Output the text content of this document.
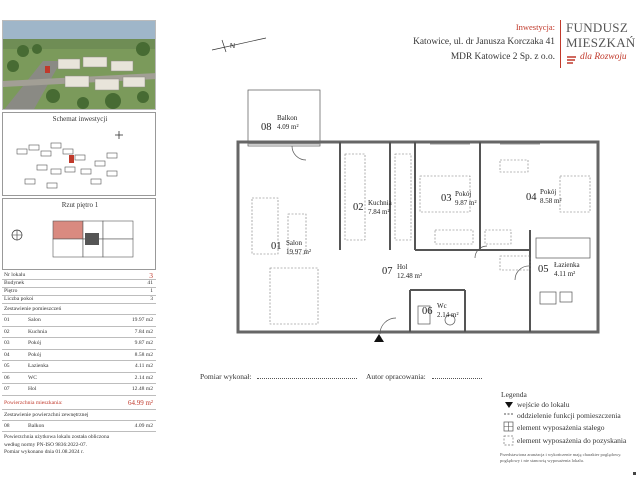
Schemat inwestycji
Rzut piętro 1
Nr lokalu	3
Budynek	41
Piętro	1
Liczba pokoi	3
Zestawienie pomieszczeń
01	Salon	19.97 m2
02	Kuchnia	7.84 m2
03	Pokój	9.87 m2
04	Pokój	8.58 m2
05	Łazienka	4.11 m2
06	WC	2.14 m2
07	Hol	12.48 m2
Powierzchnia mieszkania:	64.99 m²
Zestawienie powierzchni zewnętrznej
08	Balkon	4.09 m2
Powierzchnia użytkowa lokalu została obliczona
według normy PN-ISO 9836:2022-07.
Pomiar wykonano dnia 01.08.2024 r.
Inwestycja:
Katowice, ul. dr Janusza Korczaka 41
MDR Katowice 2 Sp. z o.o.
FUNDUSZ
MIESZKAŃ
dla Rozwoju
N
08
Balkon
4.09 m²
01 Salon
19.97 m²
02 Kuchnia
7.84 m²
03 Pokój
9.87 m²	04 Pokój
8.58 m²
05 Łazienka
4.11 m²
07 Hol
12.48 m²
06 Wc
2.14 m²
Pomiar wykonał:	Autor opracowania:
Legenda
wejście do lokalu
oddzielenie funkcji pomieszczenia
element wyposażenia stałego
element wyposażenia do pozyskania
Przedstawiona aranżacja i wykończenie mają charakter poglądowy.
poglądowy i nie stanowią wyposażenia lokalu.
